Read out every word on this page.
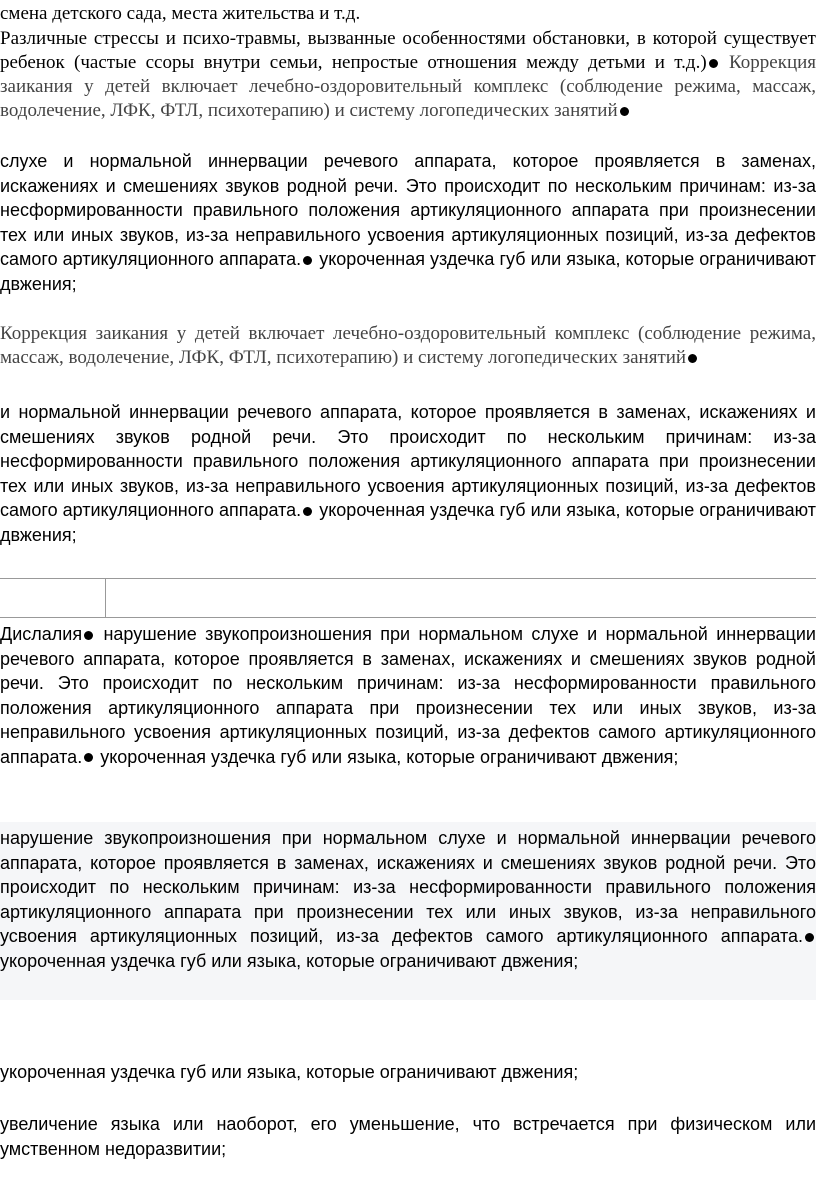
смена детского сада, места жительства и т.д.

Различные стрессы и психо-травмы, вызванные особенностями обстановки, в которой существует ребенок (частые ссоры внутри семьи, непростые отношения между детьми и т.д.) Коррекция заикания у детей включает лечебно-оздоровительный комплекс (соблюдение режима, массаж, водолечение, ЛФК, ФТЛ, психотерапию) и систему логопедических занятий

слухе и нормальной иннервации речевого аппарата, которое проявляется в заменах, искажениях и смешениях звуков родной речи. Это происходит по нескольким причинам: из-за несформированности правильного положения артикуляционного аппарата при произнесении тех или иных звуков, из-за неправильного усвоения артикуляционных позиций, из-за дефектов самого артикуляционного аппарата. укороченная уздечка губ или языка, которые ограничивают двжения;

Коррекция заикания у детей включает лечебно-оздоровительный комплекс (соблюдение режима, массаж, водолечение, ЛФК, ФТЛ, психотерапию) и систему логопедических занятий

и нормальной иннервации речевого аппарата, которое проявляется в заменах, искажениях и смешениях звуков родной речи. Это происходит по нескольким причинам: из-за несформированности правильного положения артикуляционного аппарата при произнесении тех или иных звуков, из-за неправильного усвоения артикуляционных позиций, из-за дефектов самого артикуляционного аппарата. укороченная уздечка губ или языка, которые ограничивают двжения;

Дислалия нарушение звукопроизношения при нормальном слухе и нормальной иннервации речевого аппарата, которое проявляется в заменах, искажениях и смешениях звуков родной речи. Это происходит по нескольким причинам: из-за несформированности правильного положения артикуляционного аппарата при произнесении тех или иных звуков, из-за неправильного усвоения артикуляционных позиций, из-за дефектов самого артикуляционного аппарата. укороченная уздечка губ или языка, которые ограничивают двжения;

нарушение звукопроизношения при нормальном слухе и нормальной иннервации речевого аппарата, которое проявляется в заменах, искажениях и смешениях звуков родной речи. Это происходит по нескольким причинам: из-за несформированности правильного положения артикуляционного аппарата при произнесении тех или иных звуков, из-за неправильного усвоения артикуляционных позиций, из-за дефектов самого артикуляционного аппарата. укороченная уздечка губ или языка, которые ограничивают двжения;

укороченная уздечка губ или языка, которые ограничивают двжения;

увеличение языка или наоборот, его уменьшение, что встречается при физическом или умственном недоразвитии;
